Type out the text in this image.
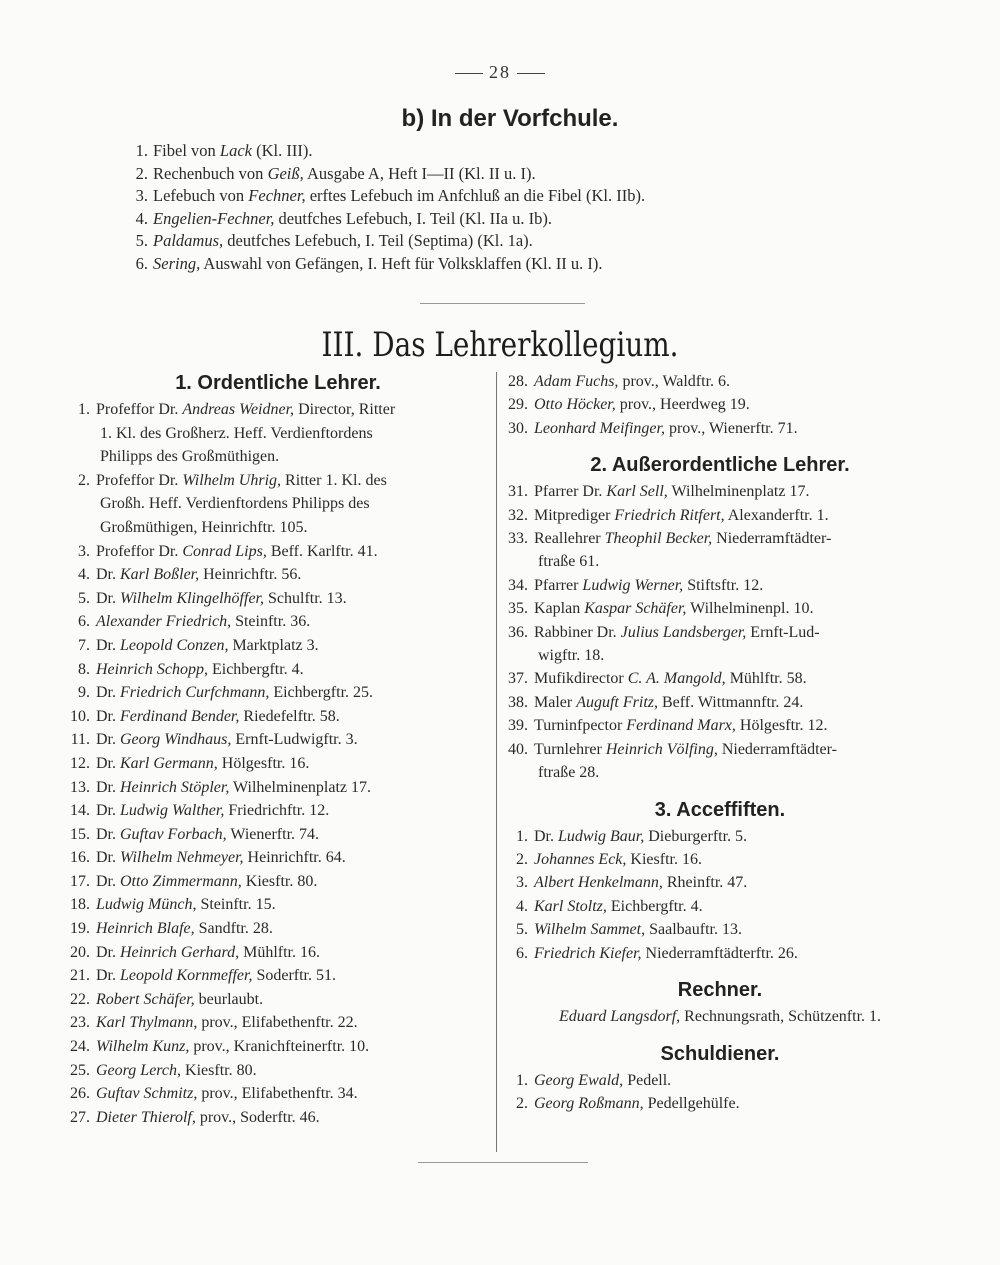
28
b) In der Vorfchule.
1. Fibel von Lack (Kl. III).
2. Rechenbuch von Geiß, Ausgabe A, Heft I—II (Kl. II u. I).
3. Lefebuch von Fechner, erftes Lefebuch im Anfchluß an die Fibel (Kl. IIb).
4. Engelien-Fechner, deutfches Lefebuch, I. Teil (Kl. IIa u. Ib).
5. Paldamus, deutfches Lefebuch, I. Teil (Septima) (Kl. 1a).
6. Sering, Auswahl von Gefängen, I. Heft für Volksklaffen (Kl. II u. I).
III. Das Lehrerkollegium.
1. Ordentliche Lehrer.
1. Profeffor Dr. Andreas Weidner, Director, Ritter
1. Kl. des Großherz. Heff. Verdienftordens
Philipps des Großmüthigen.
2. Profeffor Dr. Wilhelm Uhrig, Ritter 1. Kl. des
Großh. Heff. Verdienftordens Philipps des
Großmüthigen, Heinrichftr. 105.
3. Profeffor Dr. Conrad Lips, Beff. Karlftr. 41.
4. Dr. Karl Boßler, Heinrichftr. 56.
5. Dr. Wilhelm Klingelhöffer, Schulftr. 13.
6. Alexander Friedrich, Steinftr. 36.
7. Dr. Leopold Conzen, Marktplatz 3.
8. Heinrich Schopp, Eichbergftr. 4.
9. Dr. Friedrich Curfchmann, Eichbergftr. 25.
10. Dr. Ferdinand Bender, Riedefelftr. 58.
11. Dr. Georg Windhaus, Ernft-Ludwigftr. 3.
12. Dr. Karl Germann, Hölgesftr. 16.
13. Dr. Heinrich Stöpler, Wilhelminenplatz 17.
14. Dr. Ludwig Walther, Friedrichftr. 12.
15. Dr. Guftav Forbach, Wienerftr. 74.
16. Dr. Wilhelm Nehmeyer, Heinrichftr. 64.
17. Dr. Otto Zimmermann, Kiesftr. 80.
18. Ludwig Münch, Steinftr. 15.
19. Heinrich Blafe, Sandftr. 28.
20. Dr. Heinrich Gerhard, Mühlftr. 16.
21. Dr. Leopold Kornmeffer, Soderftr. 51.
22. Robert Schäfer, beurlaubt.
23. Karl Thylmann, prov., Elifabethenftr. 22.
24. Wilhelm Kunz, prov., Kranichfteinerftr. 10.
25. Georg Lerch, Kiesftr. 80.
26. Guftav Schmitz, prov., Elifabethenftr. 34.
27. Dieter Thierolf, prov., Soderftr. 46.
28. Adam Fuchs, prov., Waldftr. 6.
29. Otto Höcker, prov., Heerdweg 19.
30. Leonhard Meifinger, prov., Wienerftr. 71.
2. Außerordentliche Lehrer.
31. Pfarrer Dr. Karl Sell, Wilhelminenplatz 17.
32. Mitprediger Friedrich Ritfert, Alexanderftr. 1.
33. Reallehrer Theophil Becker, Niederramftädter-
ftraße 61.
34. Pfarrer Ludwig Werner, Stiftsftr. 12.
35. Kaplan Kaspar Schäfer, Wilhelminenpl. 10.
36. Rabbiner Dr. Julius Landsberger, Ernft-Lud-
wigftr. 18.
37. Mufikdirector C. A. Mangold, Mühlftr. 58.
38. Maler Auguft Fritz, Beff. Wittmannftr. 24.
39. Turninfpector Ferdinand Marx, Hölgesftr. 12.
40. Turnlehrer Heinrich Völfing, Niederramftädter-
ftraße 28.
3. Acceffiften.
1. Dr. Ludwig Baur, Dieburgerftr. 5.
2. Johannes Eck, Kiesftr. 16.
3. Albert Henkelmann, Rheinftr. 47.
4. Karl Stoltz, Eichbergftr. 4.
5. Wilhelm Sammet, Saalbauftr. 13.
6. Friedrich Kiefer, Niederramftädterftr. 26.
Rechner.
Eduard Langsdorf, Rechnungsrath, Schützenftr. 1.
Schuldiener.
1. Georg Ewald, Pedell.
2. Georg Roßmann, Pedellgehülfe.
